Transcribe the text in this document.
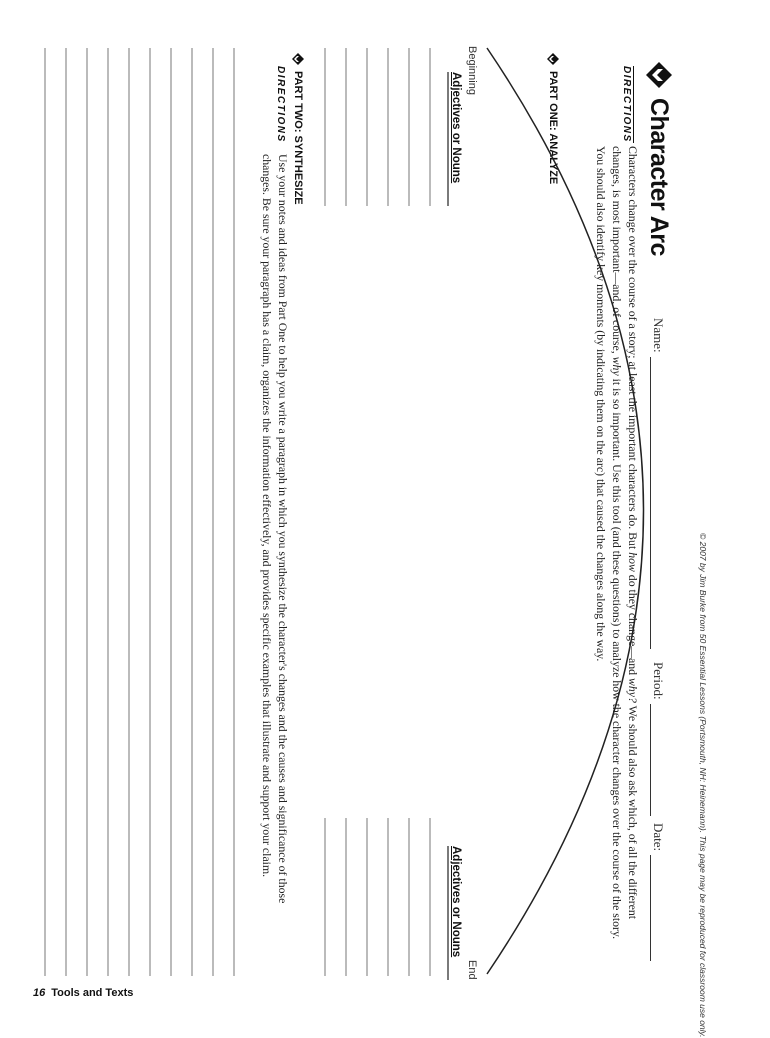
© 2007 by Jim Burke from 50 Essential Lessons (Portsmouth, NH: Heinemann). This page may be reproduced for classroom use only.
Character Arc
Name:
Period:
Date:
DIRECTIONS
Characters change over the course of a story; at least the important characters do. But how do they change—and why? We should also ask which, of all the different changes, is most important—and, of course, why it is so important. Use this tool (and these questions) to analyze how the character changes over the course of the story. You should also identify key moments (by indicating them on the arc) that caused the changes along the way.
PART ONE: ANALYZE
Beginning
End
Adjectives or Nouns
Adjectives or Nouns
PART TWO: SYNTHESIZE
DIRECTIONS
Use your notes and ideas from Part One to help you write a paragraph in which you synthesize the character's changes and the causes and significance of those changes. Be sure your paragraph has a claim, organizes the information effectively, and provides specific examples that illustrate and support your claim.
16 Tools and Texts
